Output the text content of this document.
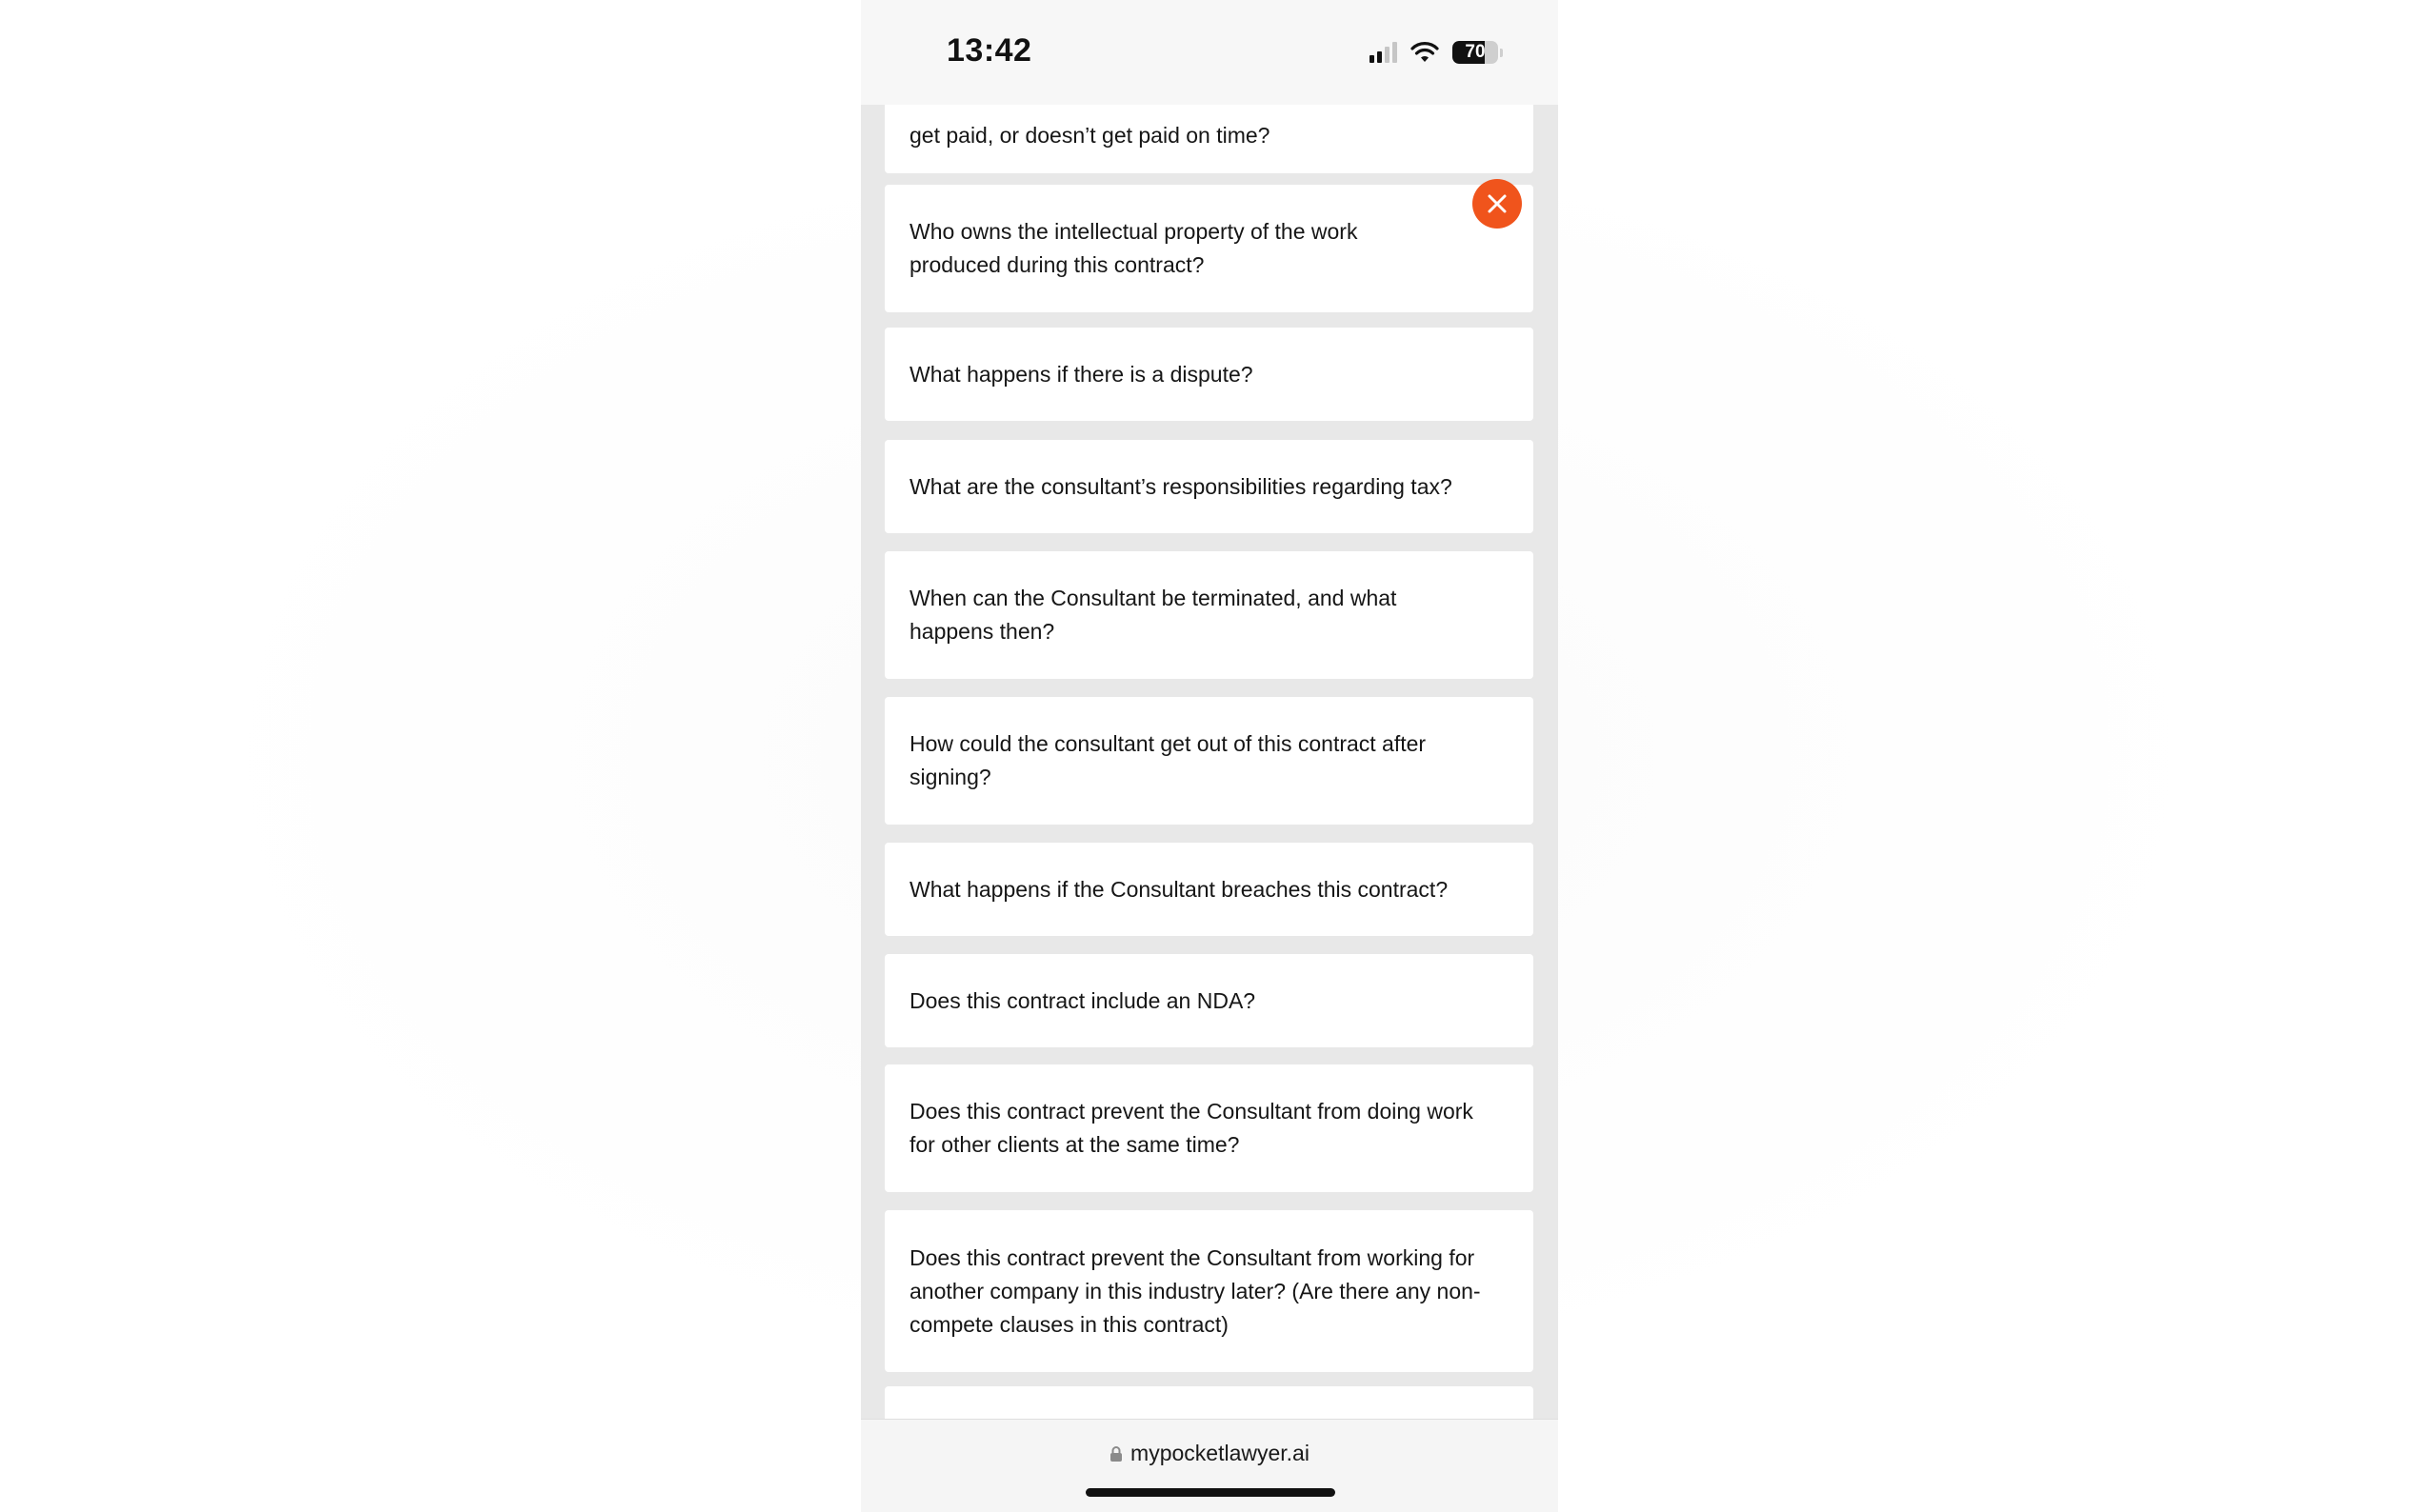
13:42	70
get paid, or doesn’t get paid on time?
Who owns the intellectual property of the work produced during this contract?
What happens if there is a dispute?
What are the consultant’s responsibilities regarding tax?
When can the Consultant be terminated, and what happens then?
How could the consultant get out of this contract after signing?
What happens if the Consultant breaches this contract?
Does this contract include an NDA?
Does this contract prevent the Consultant from doing work for other clients at the same time?
Does this contract prevent the Consultant from working for another company in this industry later? (Are there any non-compete clauses in this contract)
mypocketlawyer.ai
